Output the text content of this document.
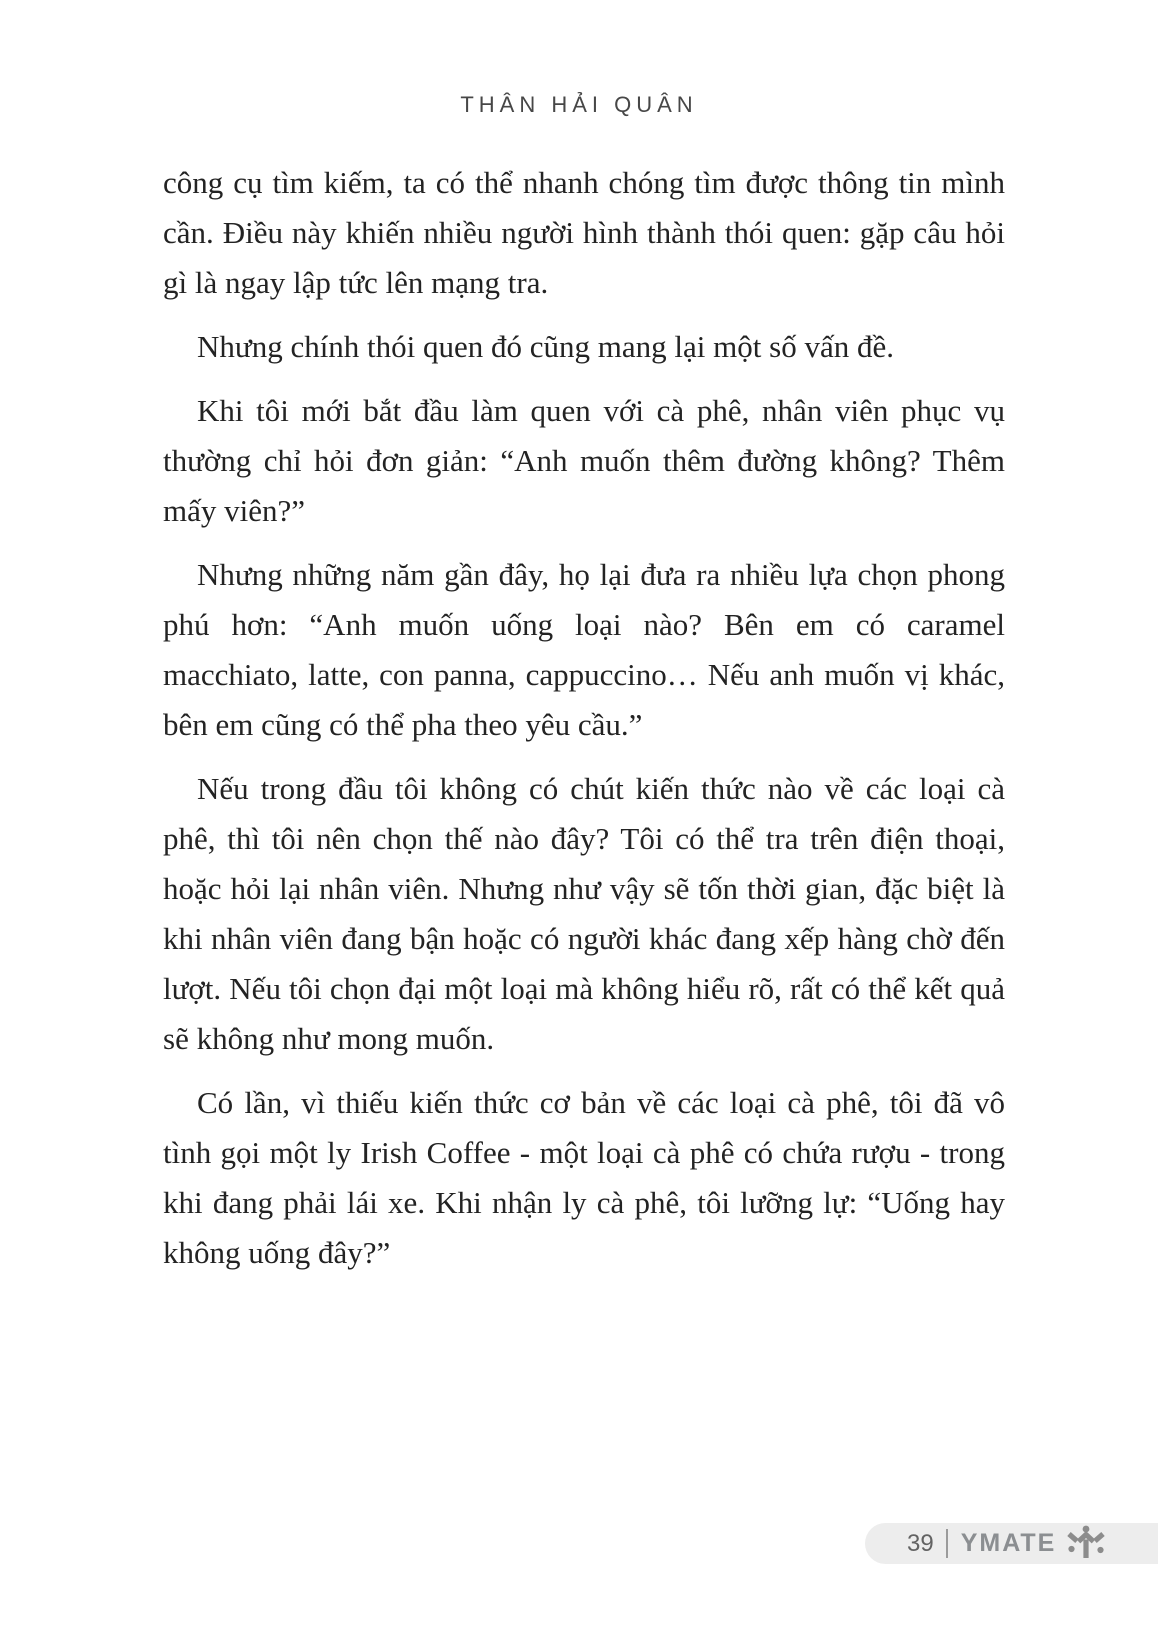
THÂN HẢI QUÂN

công cụ tìm kiếm, ta có thể nhanh chóng tìm được thông tin mình cần. Điều này khiến nhiều người hình thành thói quen: gặp câu hỏi gì là ngay lập tức lên mạng tra.

Nhưng chính thói quen đó cũng mang lại một số vấn đề.

Khi tôi mới bắt đầu làm quen với cà phê, nhân viên phục vụ thường chỉ hỏi đơn giản: “Anh muốn thêm đường không? Thêm mấy viên?”

Nhưng những năm gần đây, họ lại đưa ra nhiều lựa chọn phong phú hơn: “Anh muốn uống loại nào? Bên em có caramel macchiato, latte, con panna, cappuccino… Nếu anh muốn vị khác, bên em cũng có thể pha theo yêu cầu.”

Nếu trong đầu tôi không có chút kiến thức nào về các loại cà phê, thì tôi nên chọn thế nào đây? Tôi có thể tra trên điện thoại, hoặc hỏi lại nhân viên. Nhưng như vậy sẽ tốn thời gian, đặc biệt là khi nhân viên đang bận hoặc có người khác đang xếp hàng chờ đến lượt. Nếu tôi chọn đại một loại mà không hiểu rõ, rất có thể kết quả sẽ không như mong muốn.

Có lần, vì thiếu kiến thức cơ bản về các loại cà phê, tôi đã vô tình gọi một ly Irish Coffee - một loại cà phê có chứa rượu - trong khi đang phải lái xe. Khi nhận ly cà phê, tôi lưỡng lự: “Uống hay không uống đây?”

39 YMATE
